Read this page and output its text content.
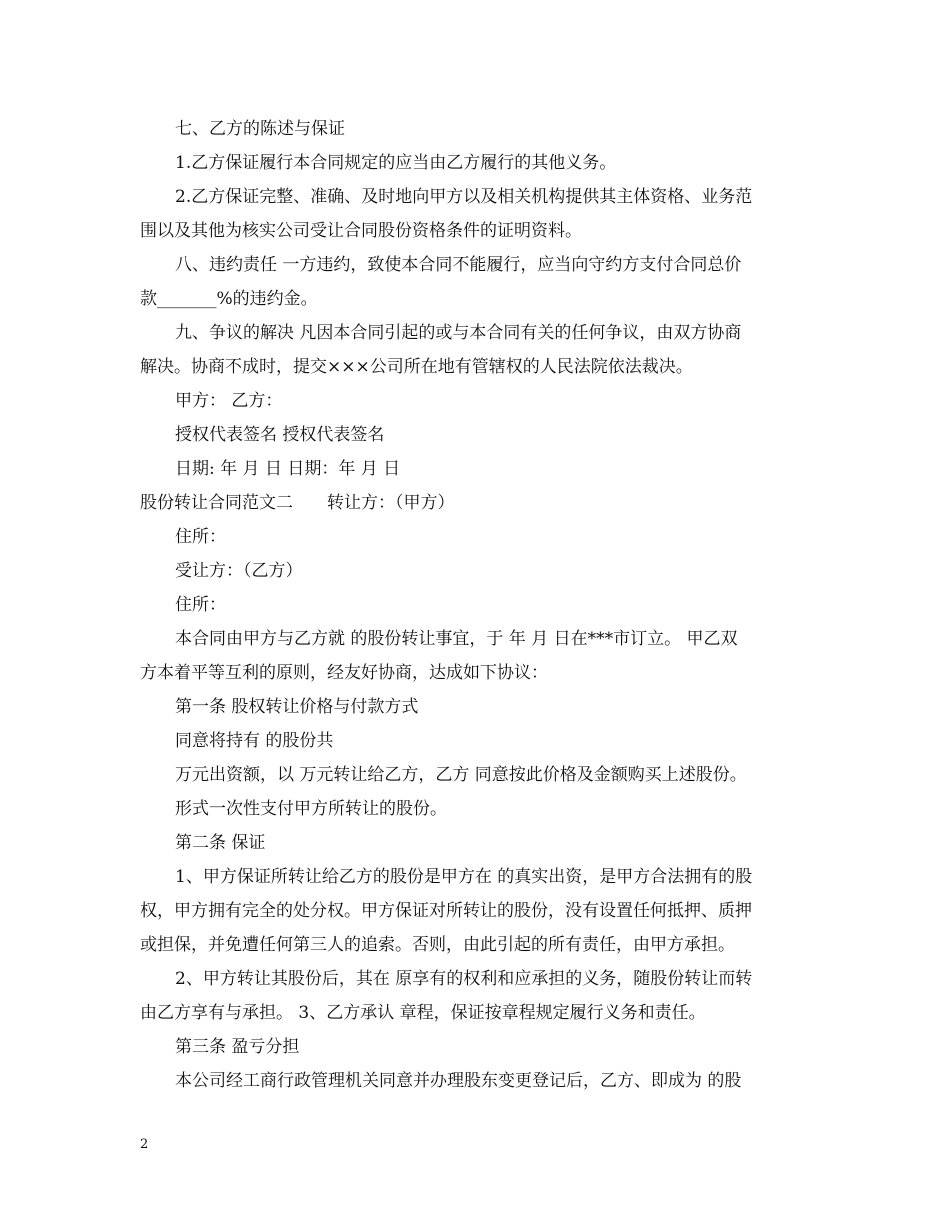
七、乙方的陈述与保证
1.乙方保证履行本合同规定的应当由乙方履行的其他义务。
2.乙方保证完整、准确、及时地向甲方以及相关机构提供其主体资格、业务范
围以及其他为核实公司受让合同股份资格条件的证明资料。
八、违约责任 一方违约，致使本合同不能履行，应当向守约方支付合同总价
款_______%的违约金。
九、争议的解决 凡因本合同引起的或与本合同有关的任何争议，由双方协商
解决。协商不成时，提交×××公司所在地有管辖权的人民法院依法裁决。
甲方： 乙方：
授权代表签名 授权代表签名
日期: 年 月 日 日期：年 月 日
股份转让合同范文二　　转让方：（甲方）
住所：
受让方：（乙方）
住所：
本合同由甲方与乙方就 的股份转让事宜，于 年 月 日在***市订立。 甲乙双
方本着平等互利的原则，经友好协商，达成如下协议：
第一条 股权转让价格与付款方式
同意将持有 的股份共
万元出资额，以 万元转让给乙方，乙方 同意按此价格及金额购买上述股份。
形式一次性支付甲方所转让的股份。
第二条 保证
1、甲方保证所转让给乙方的股份是甲方在 的真实出资，是甲方合法拥有的股
权，甲方拥有完全的处分权。甲方保证对所转让的股份，没有设置任何抵押、质押
或担保，并免遭任何第三人的追索。否则，由此引起的所有责任，由甲方承担。
2、甲方转让其股份后，其在 原享有的权利和应承担的义务，随股份转让而转
由乙方享有与承担。 3、乙方承认 章程，保证按章程规定履行义务和责任。
第三条 盈亏分担
本公司经工商行政管理机关同意并办理股东变更登记后，乙方、即成为 的股
2
